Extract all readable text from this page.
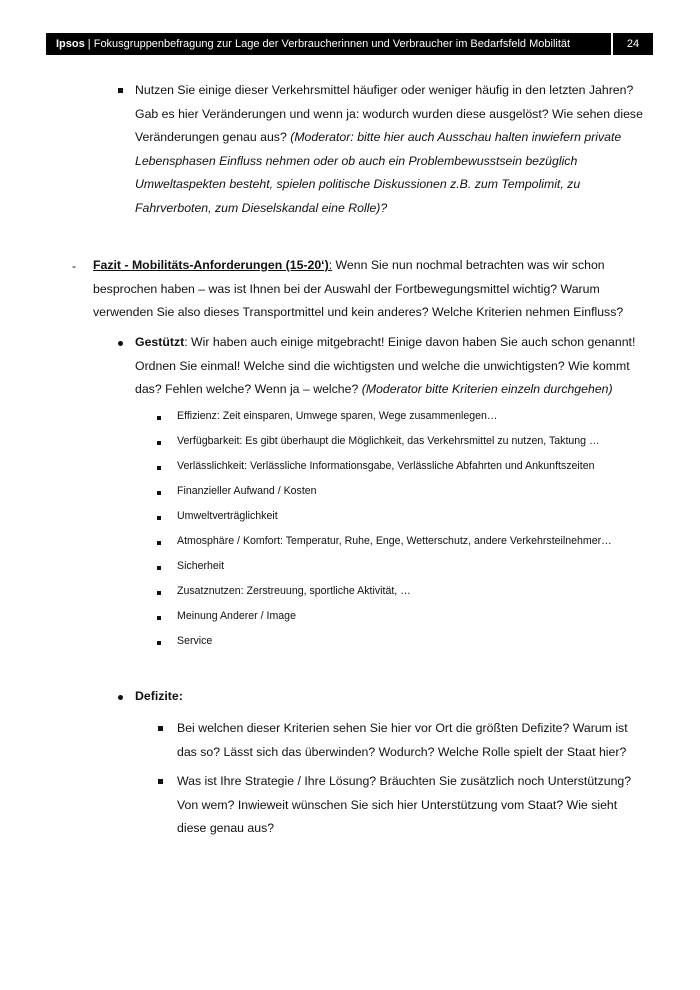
Ipsos | Fokusgruppenbefragung zur Lage der Verbraucherinnen und Verbraucher im Bedarfsfeld Mobilität	24
Nutzen Sie einige dieser Verkehrsmittel häufiger oder weniger häufig in den letzten Jahren? Gab es hier Veränderungen und wenn ja: wodurch wurden diese ausgelöst? Wie sehen diese Veränderungen genau aus? (Moderator: bitte hier auch Ausschau halten inwiefern private Lebensphasen Einfluss nehmen oder ob auch ein Problembewusstsein bezüglich Umweltaspekten besteht, spielen politische Diskussionen z.B. zum Tempolimit, zu Fahrverboten, zum Dieselskandal eine Rolle)?
- Fazit - Mobilitäts-Anforderungen (15-20‘): Wenn Sie nun nochmal betrachten was wir schon besprochen haben – was ist Ihnen bei der Auswahl der Fortbewegungsmittel wichtig? Warum verwenden Sie also dieses Transportmittel und kein anderes? Welche Kriterien nehmen Einfluss?
Gestützt: Wir haben auch einige mitgebracht! Einige davon haben Sie auch schon genannt! Ordnen Sie einmal! Welche sind die wichtigsten und welche die unwichtigsten? Wie kommt das? Fehlen welche? Wenn ja – welche? (Moderator bitte Kriterien einzeln durchgehen)
Effizienz: Zeit einsparen, Umwege sparen, Wege zusammenlegen…
Verfügbarkeit: Es gibt überhaupt die Möglichkeit, das Verkehrsmittel zu nutzen, Taktung …
Verlässlichkeit: Verlässliche Informationsgabe, Verlässliche Abfahrten und Ankunftszeiten
Finanzieller Aufwand / Kosten
Umweltverträglichkeit
Atmosphäre / Komfort: Temperatur, Ruhe, Enge, Wetterschutz, andere Verkehrsteilnehmer…
Sicherheit
Zusatznutzen: Zerstreuung, sportliche Aktivität, …
Meinung Anderer / Image
Service
Defizite:
Bei welchen dieser Kriterien sehen Sie hier vor Ort die größten Defizite? Warum ist das so? Lässt sich das überwinden? Wodurch? Welche Rolle spielt der Staat hier?
Was ist Ihre Strategie / Ihre Lösung? Bräuchten Sie zusätzlich noch Unterstützung? Von wem? Inwieweit wünschen Sie sich hier Unterstützung vom Staat? Wie sieht diese genau aus?
